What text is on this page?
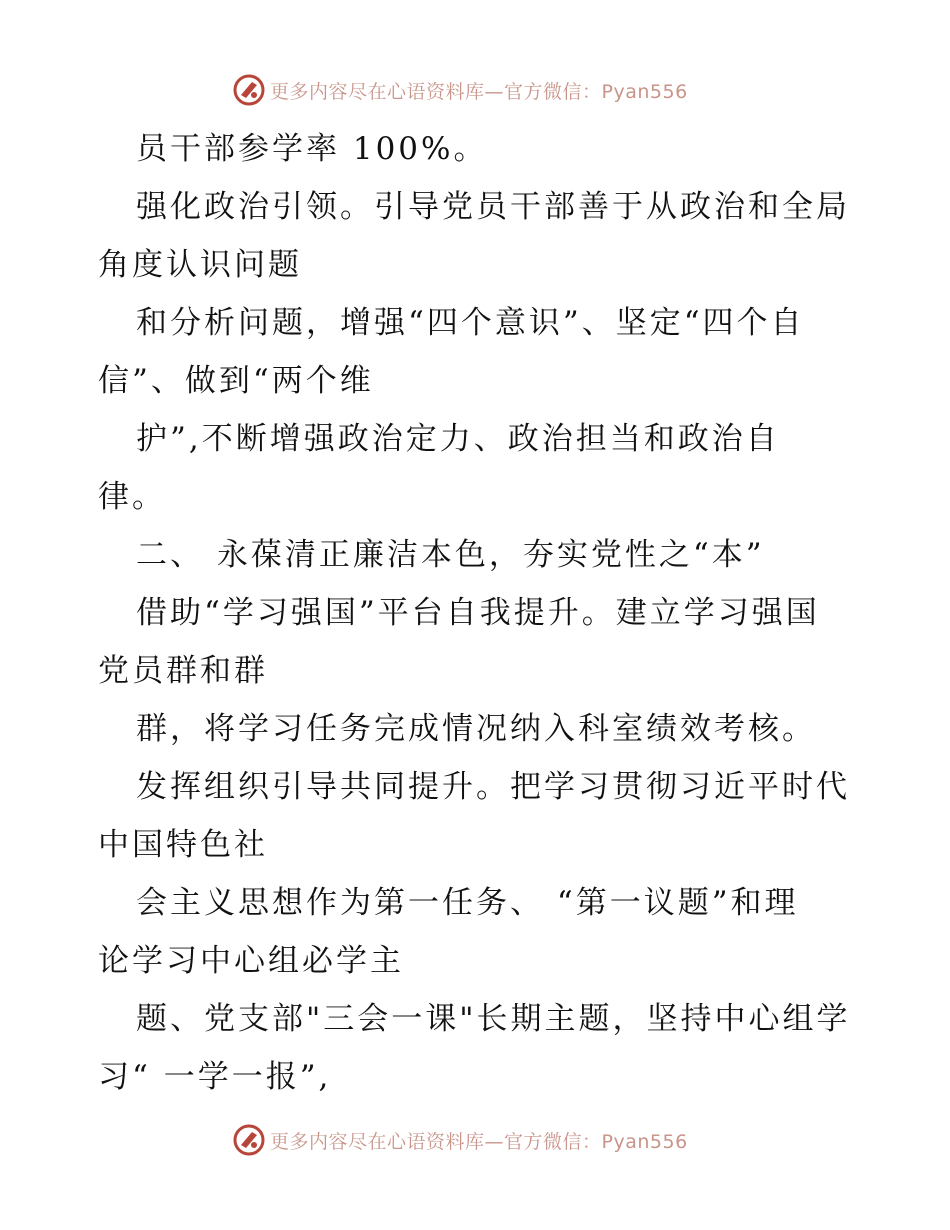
更多内容尽在心语资料库—官方微信：Pyan556
员干部参学率 100%。
强化政治引领。引导党员干部善于从政治和全局
角度认识问题
和分析问题，增强“四个意识”、坚定“四个自
信”、做到“两个维
护”,不断增强政治定力、政治担当和政治自
律。
二、 永葆清正廉洁本色，夯实党性之“本”
借助“学习强国”平台自我提升。建立学习强国
党员群和群
群，将学习任务完成情况纳入科室绩效考核。
发挥组织引导共同提升。把学习贯彻习近平时代
中国特色社
会主义思想作为第一任务、 “第一议题”和理
论学习中心组必学主
题、党支部"三会一课"长期主题，坚持中心组学
习“ 一学一报”,
更多内容尽在心语资料库—官方微信：Pyan556
